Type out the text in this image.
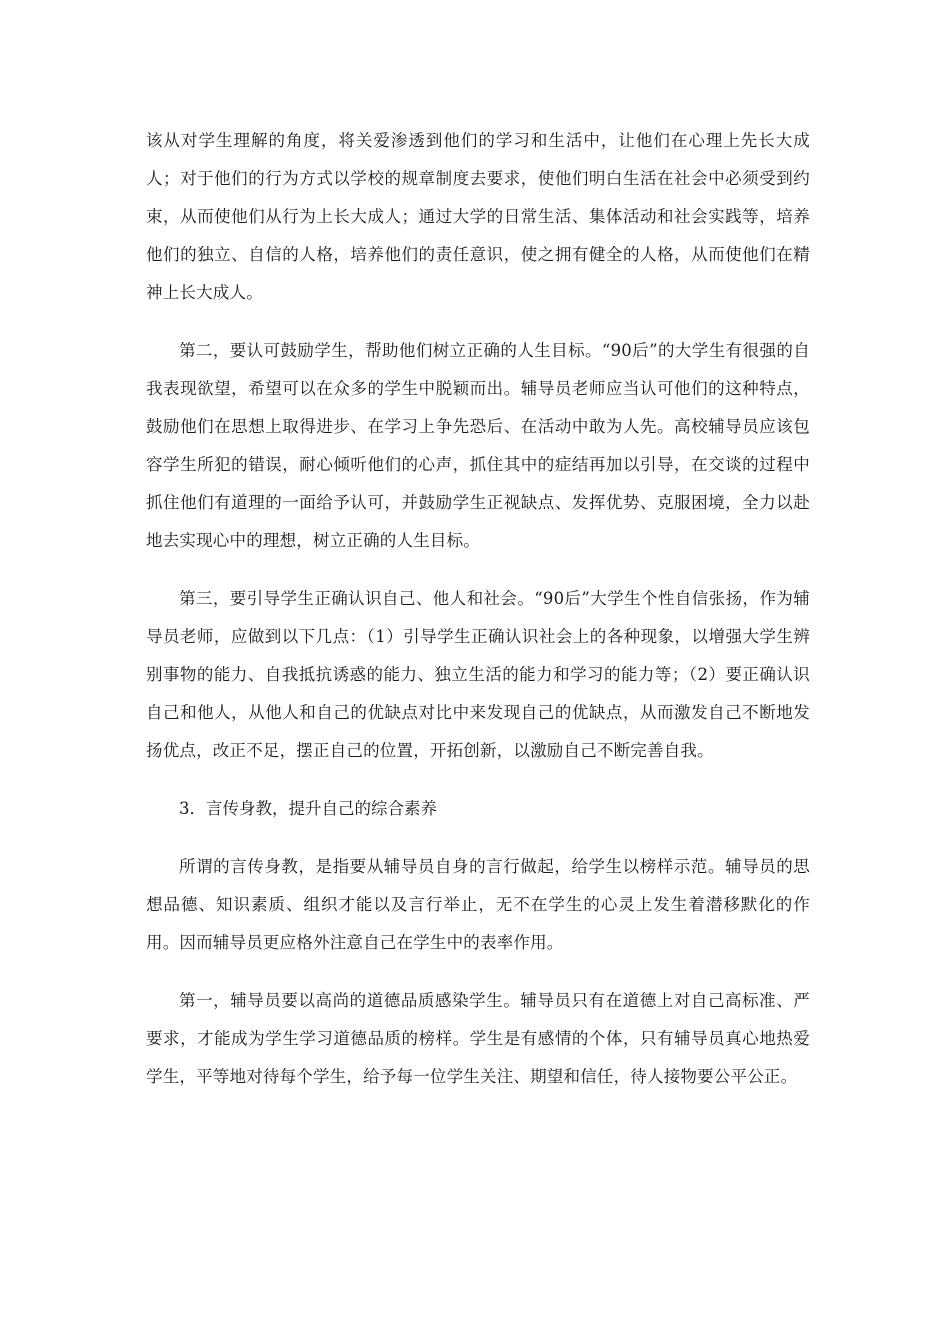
该从对学生理解的角度，将关爱渗透到他们的学习和生活中，让他们在心理上先长大成人；对于他们的行为方式以学校的规章制度去要求，使他们明白生活在社会中必须受到约束，从而使他们从行为上长大成人；通过大学的日常生活、集体活动和社会实践等，培养他们的独立、自信的人格，培养他们的责任意识，使之拥有健全的人格，从而使他们在精神上长大成人。

第二，要认可鼓励学生，帮助他们树立正确的人生目标。“90后”的大学生有很强的自我表现欲望，希望可以在众多的学生中脱颖而出。辅导员老师应当认可他们的这种特点，鼓励他们在思想上取得进步、在学习上争先恐后、在活动中敢为人先。高校辅导员应该包容学生所犯的错误，耐心倾听他们的心声，抓住其中的症结再加以引导，在交谈的过程中抓住他们有道理的一面给予认可，并鼓励学生正视缺点、发挥优势、克服困境，全力以赴地去实现心中的理想，树立正确的人生目标。

第三，要引导学生正确认识自己、他人和社会。“90后”大学生个性自信张扬，作为辅导员老师，应做到以下几点：（1）引导学生正确认识社会上的各种现象，以增强大学生辨别事物的能力、自我抵抗诱惑的能力、独立生活的能力和学习的能力等；（2）要正确认识自己和他人，从他人和自己的优缺点对比中来发现自己的优缺点，从而激发自己不断地发扬优点，改正不足，摆正自己的位置，开拓创新，以激励自己不断完善自我。

3．言传身教，提升自己的综合素养

所谓的言传身教，是指要从辅导员自身的言行做起，给学生以榜样示范。辅导员的思想品德、知识素质、组织才能以及言行举止，无不在学生的心灵上发生着潜移默化的作用。因而辅导员更应格外注意自己在学生中的表率作用。

第一，辅导员要以高尚的道德品质感染学生。辅导员只有在道德上对自己高标准、严要求，才能成为学生学习道德品质的榜样。学生是有感情的个体，只有辅导员真心地热爱学生，平等地对待每个学生，给予每一位学生关注、期望和信任，待人接物要公平公正。
